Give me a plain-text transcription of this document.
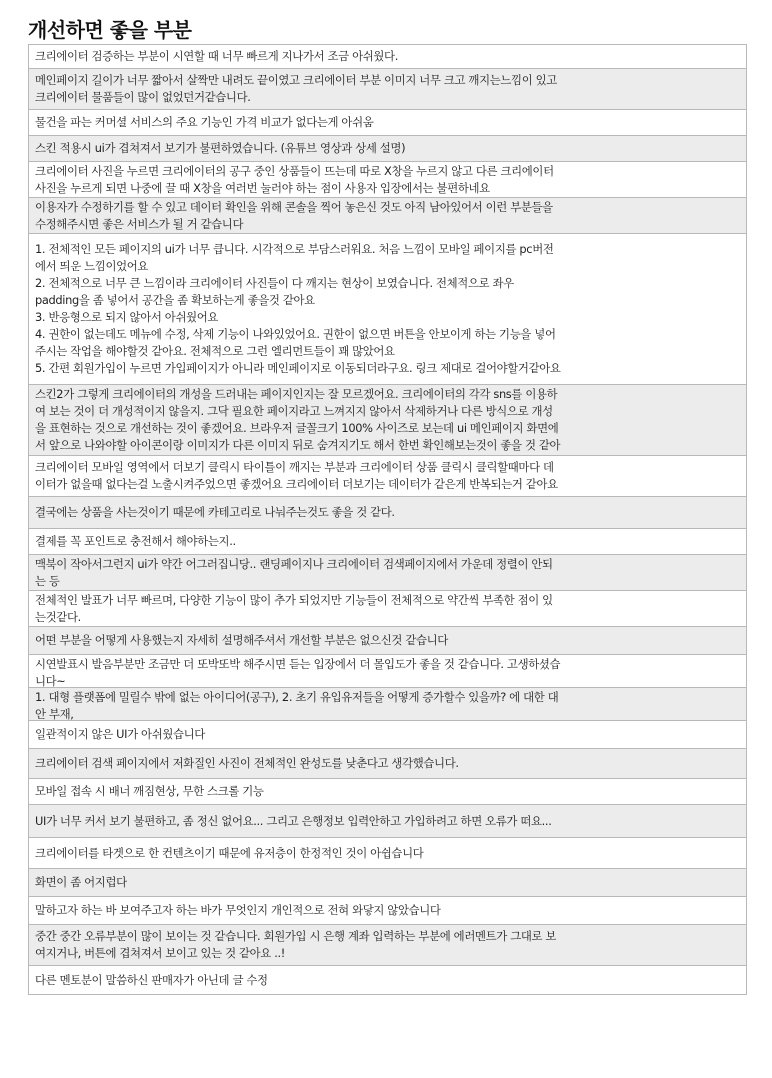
개선하면 좋을 부분
크리에이터 검증하는 부분이 시연할 때 너무 빠르게 지나가서 조금 아쉬웠다.

메인페이지 길이가 너무 짧아서 살짝만 내려도 끝이였고 크리에이터 부분 이미지 너무 크고 깨지는느낌이 있고
크리에이터 물품들이 많이 없었던거같습니다.

물건을 파는 커머셜 서비스의 주요 기능인 가격 비교가 없다는게 아쉬움

스킨 적용시 ui가 겹쳐져서 보기가 불편하였습니다. (유튜브 영상과 상세 설명)

크리에이터 사진을 누르면 크리에이터의 공구 중인 상품들이 뜨는데 따로 X창을 누르지 않고 다른 크리에이터
사진을 누르게 되면 나중에 끌 때 X창을 여러번 눌러야 하는 점이 사용자 입장에서는 불편하네요

이용자가 수정하기를 할 수 있고 데이터 확인을 위해 콘솔을 찍어 놓은신 것도 아직 남아있어서 이런 부분들을
수정해주시면 좋은 서비스가 될 거 같습니다

1. 전체적인 모든 페이지의 ui가 너무 큽니다. 시각적으로 부담스러워요. 처음 느낌이 모바일 페이지를 pc버전
에서 띄운 느낌이었어요
2. 전체적으로 너무 큰 느낌이라 크리에이터 사진들이 다 깨지는 현상이 보였습니다. 전체적으로 좌우
padding을 좀 넣어서 공간을 좀 확보하는게 좋을것 같아요
3. 반응형으로 되지 않아서 아쉬웠어요
4. 권한이 없는데도 메뉴에 수정, 삭제 기능이 나와있었어요. 권한이 없으면 버튼을 안보이게 하는 기능을 넣어
주시는 작업을 해야할것 같아요. 전체적으로 그런 엘리먼트들이 꽤 많았어요
5. 간편 회원가입이 누르면 가입페이지가 아니라 메인페이지로 이동되더라구요. 링크 제대로 걸어야할거같아요

스킨2가 그렇게 크리에이터의 개성을 드러내는 페이지인지는 잘 모르겠어요. 크리에이터의 각각 sns를 이용하
여 보는 것이 더 개성적이지 않을지. 그닥 필요한 페이지라고 느껴지지 않아서 삭제하거나 다른 방식으로 개성
을 표현하는 것으로 개선하는 것이 좋겠어요. 브라우저 글꼴크기 100% 사이즈로 보는데 ui 메인페이지 화면에
서 앞으로 나와야할 아이콘이랑 이미지가 다른 이미지 뒤로 숨겨지기도 해서 한번 확인해보는것이 좋을 것 같아

크리에이터 모바일 영역에서 더보기 클릭시 타이틀이 깨지는 부분과 크리에이터 상품 클릭시 클릭할때마다 데
이터가 없을때 없다는걸 노출시켜주었으면 좋겠어요 크리에이터 더보기는 데이터가 같은게 반복되는거 같아요

결국에는 상품을 사는것이기 때문에 카테고리로 나눠주는것도 좋을 것 같다.

결제를 꼭 포인트로 충전해서 해야하는지..

맥북이 작아서그런지 ui가 약간 어그러집니당.. 랜딩페이지나 크리에이터 검색페이지에서 가운데 정렬이 안되
는 등

전체적인 발표가 너무 빠르며, 다양한 기능이 많이 추가 되었지만 기능들이 전체적으로 약간씩 부족한 점이 있
는것같다.

어떤 부분을 어떻게 사용했는지 자세히 설명해주셔서 개선할 부분은 없으신것 같습니다

시연발표시 발음부분만 조금만 더 또박또박 해주시면 듣는 입장에서 더 몰입도가 좋을 것 같습니다. 고생하셨습
니다~

1. 대형 플랫폼에 밀릴수 밖에 없는 아이디어(공구), 2. 초기 유입유저들을 어떻게 증가할수 있을까? 에 대한 대
안 부재,

일관적이지 않은 UI가 아쉬웠습니다

크리에이터 검색 페이지에서 저화질인 사진이 전체적인 완성도를 낮춘다고 생각했습니다.

모바일 접속 시 배너 깨짐현상, 무한 스크롤 기능

UI가 너무 커서 보기 불편하고, 좀 정신 없어요... 그리고 은행정보 입력안하고 가입하려고 하면 오류가 떠요...

크리에이터를 타겟으로 한 컨텐츠이기 때문에 유저층이 한정적인 것이 아쉽습니다

화면이 좀 어지럽다

말하고자 하는 바 보여주고자 하는 바가 무엇인지 개인적으로 전혀 와닿지 않았습니다

중간 중간 오류부분이 많이 보이는 것 같습니다. 회원가입 시 은행 계좌 입력하는 부분에 에러멘트가 그대로 보
여지거나, 버튼에 겹쳐져서 보이고 있는 것 같아요 ..!

다른 멘토분이 말씀하신 판매자가 아닌데 글 수정
